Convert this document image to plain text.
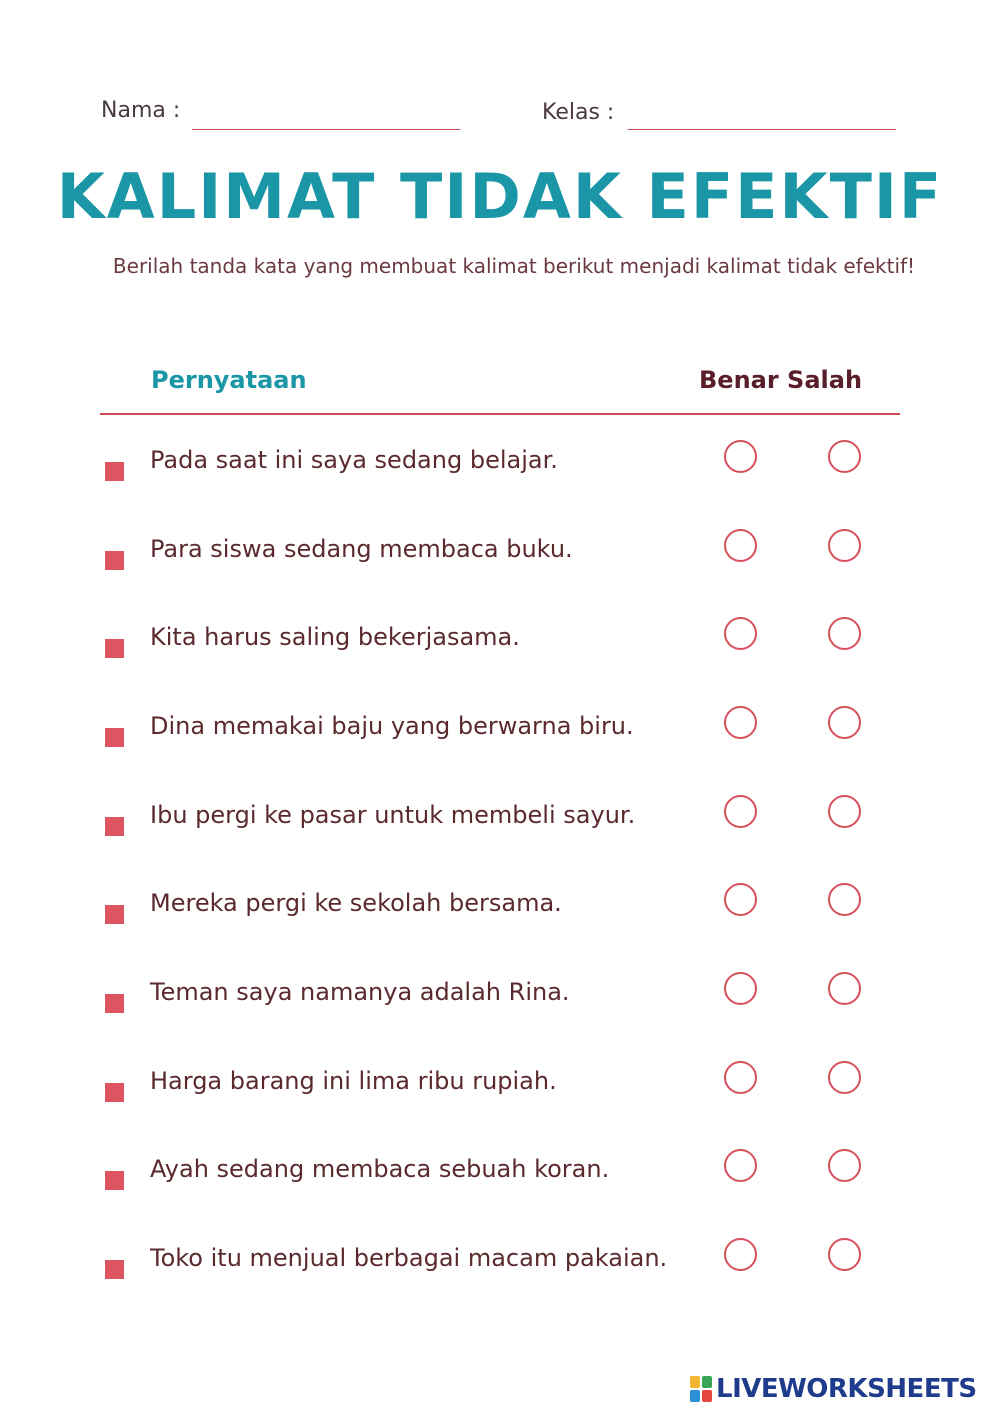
Nama :	Kelas :
KALIMAT TIDAK EFEKTIF
Berilah tanda kata yang membuat kalimat berikut menjadi kalimat tidak efektif!
Pernyataan	Benar Salah
Pada saat ini saya sedang belajar.
Para siswa sedang membaca buku.
Kita harus saling bekerjasama.
Dina memakai baju yang berwarna biru.
Ibu pergi ke pasar untuk membeli sayur.
Mereka pergi ke sekolah bersama.
Teman saya namanya adalah Rina.
Harga barang ini lima ribu rupiah.
Ayah sedang membaca sebuah koran.
Toko itu menjual berbagai macam pakaian.
LIVEWORKSHEETS
